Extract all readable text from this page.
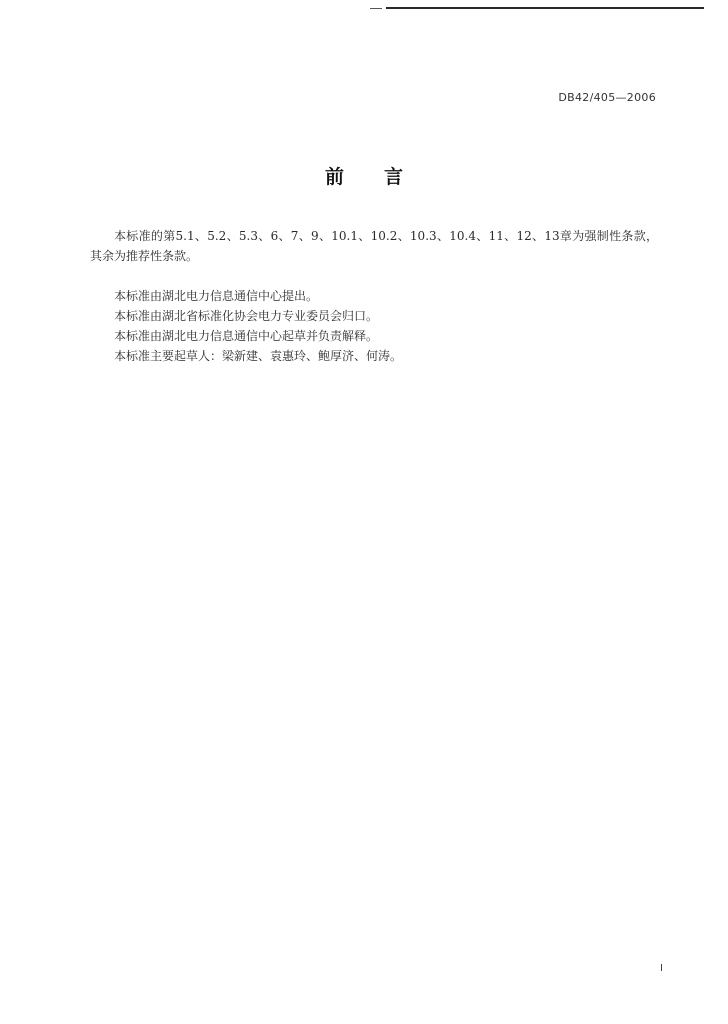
DB42/405—2006
前 言

本标准的第5.1、5.2、5.3、6、7、9、10.1、10.2、10.3、10.4、11、12、13章为强制性条款，其余为推荐性条款。

本标准由湖北电力信息通信中心提出。

本标准由湖北省标准化协会电力专业委员会归口。

本标准由湖北电力信息通信中心起草并负责解释。

本标准主要起草人：梁新建、袁惠玲、鲍厚济、何涛。
